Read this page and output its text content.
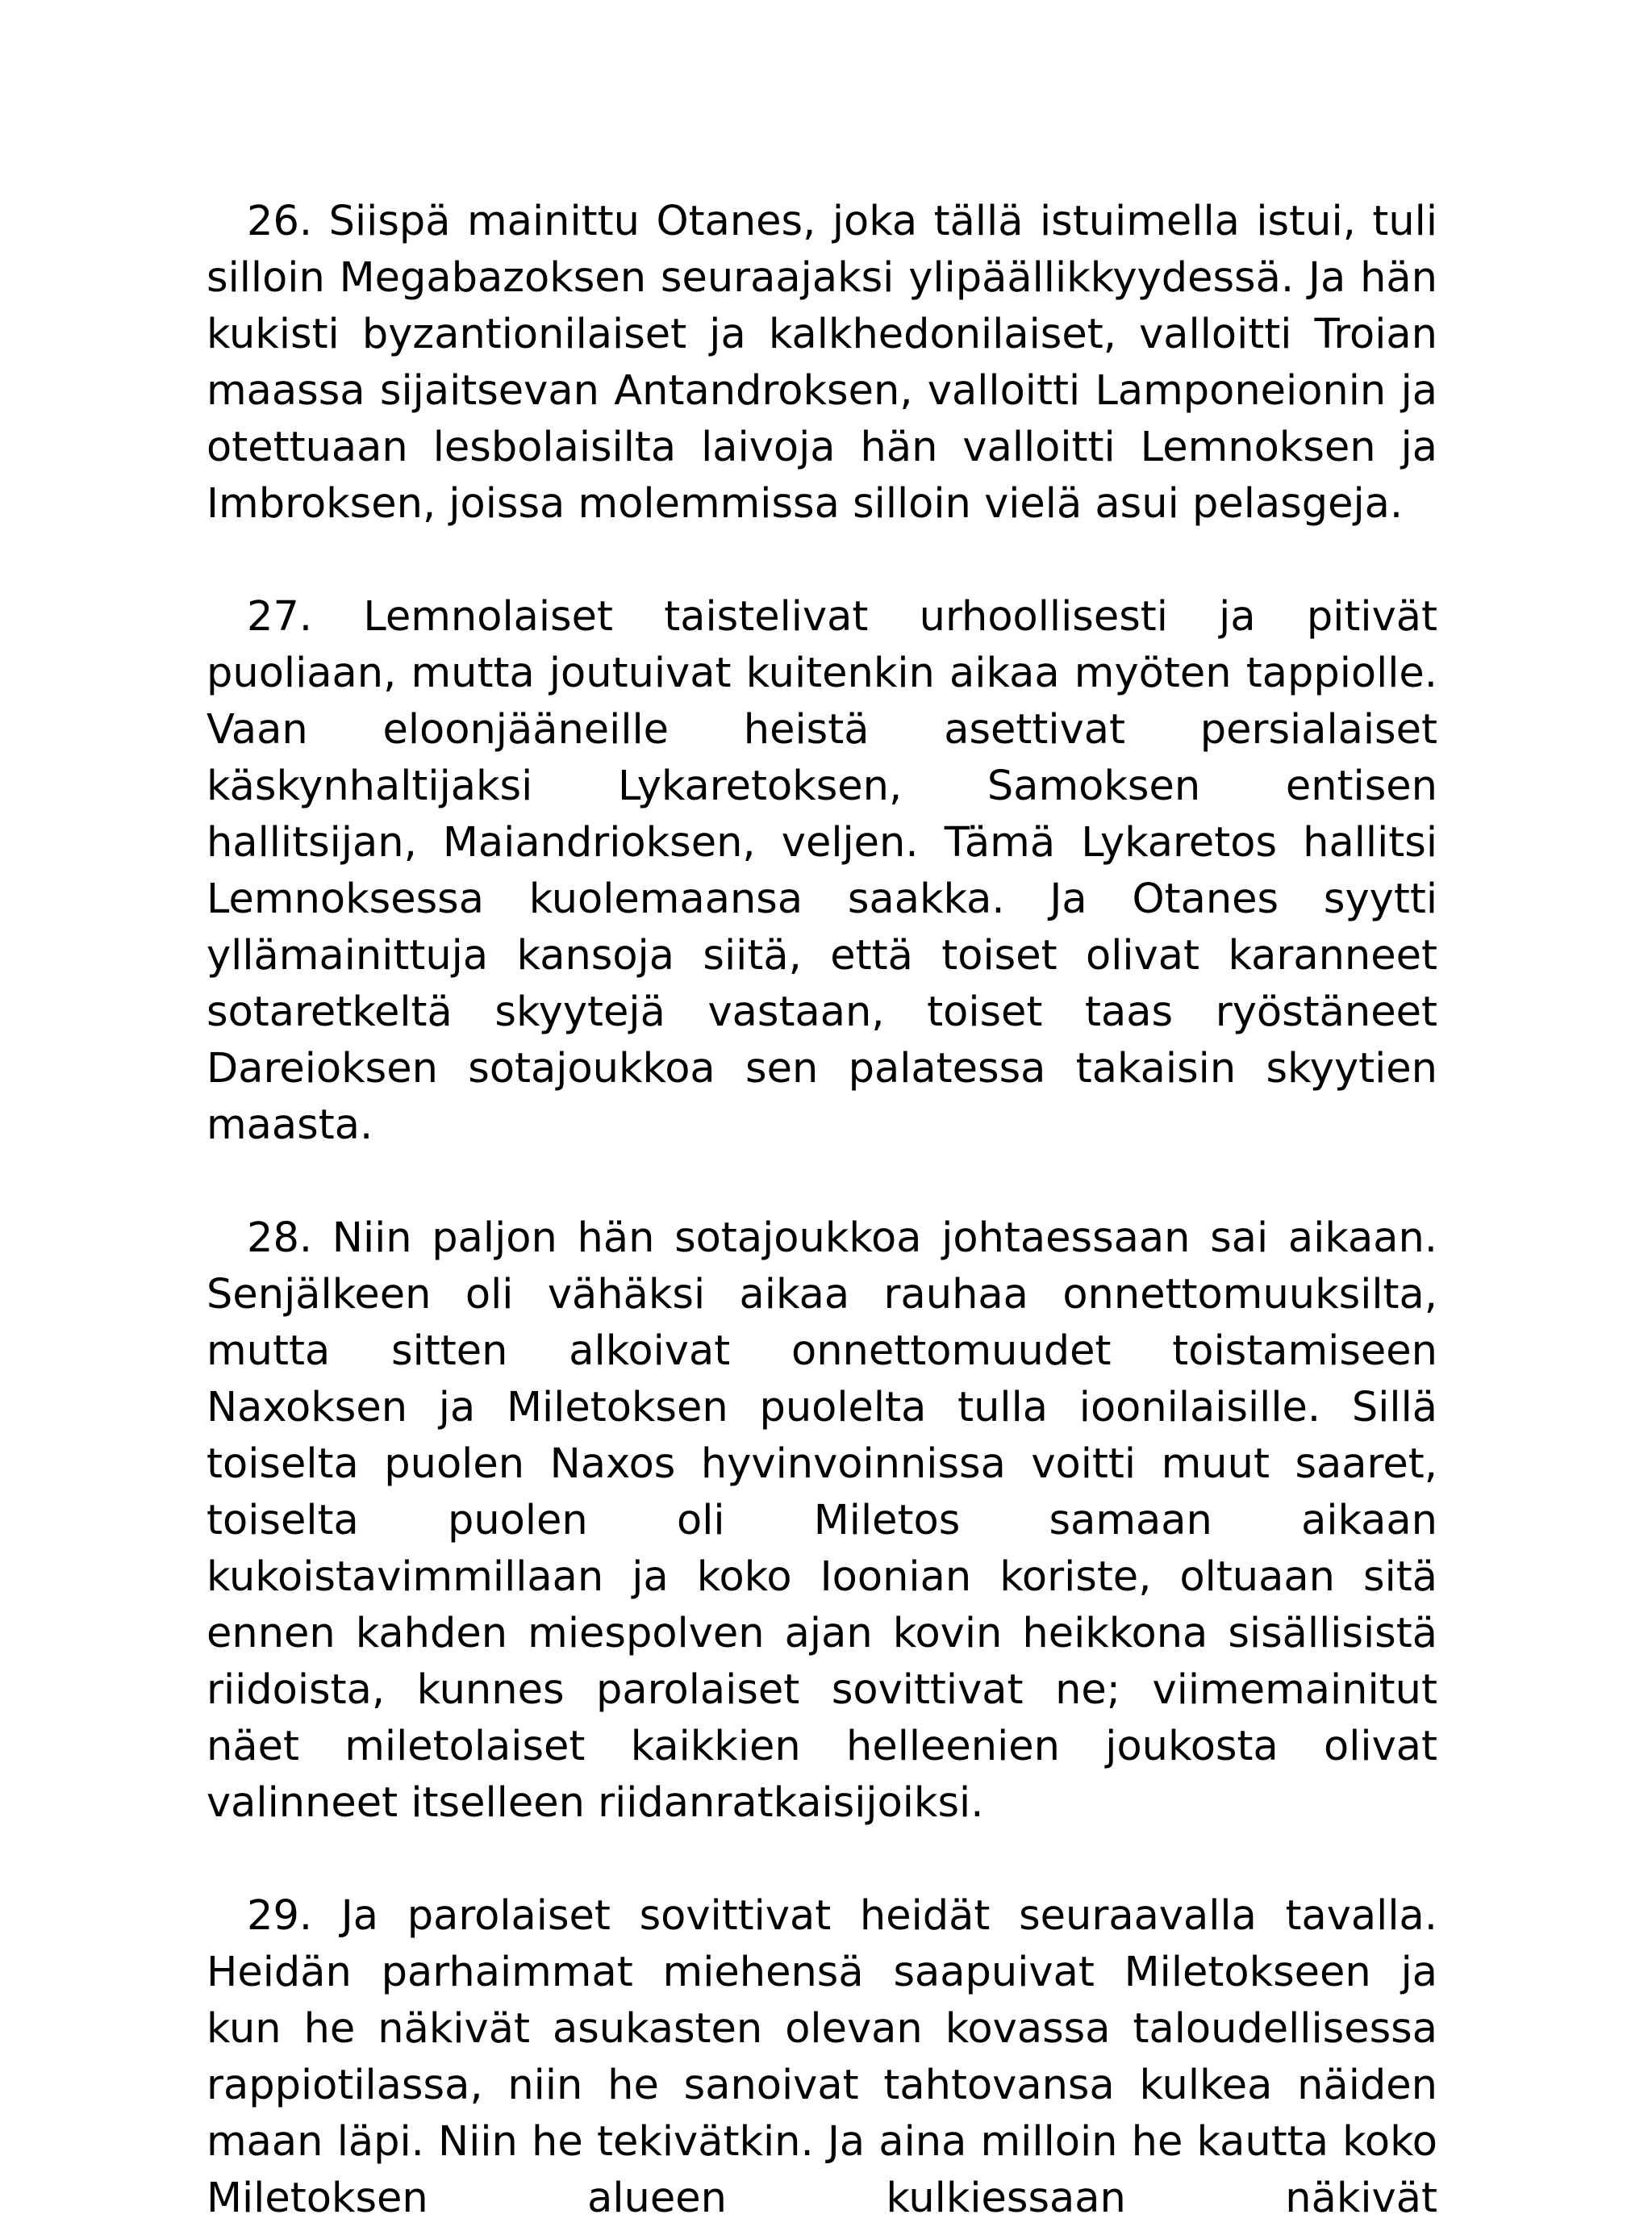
26. Siispä mainittu Otanes, joka tällä istuimella istui, tuli silloin Megabazoksen seuraajaksi ylipäällikkyydessä. Ja hän kukisti byzantionilaiset ja kalkhedonilaiset, valloitti Troian maassa sijaitsevan Antandroksen, valloitti Lamponeionin ja otettuaan lesbolaisilta laivoja hän valloitti Lemnoksen ja Imbroksen, joissa molemmissa silloin vielä asui pelasgeja.

27. Lemnolaiset taistelivat urhoollisesti ja pitivät puoliaan, mutta joutuivat kuitenkin aikaa myöten tappiolle. Vaan eloonjääneille heistä asettivat persialaiset käskynhaltijaksi Lykaretoksen, Samoksen entisen hallitsijan, Maiandrioksen, veljen. Tämä Lykaretos hallitsi Lemnoksessa kuolemaansa saakka. Ja Otanes syytti yllämainittuja kansoja siitä, että toiset olivat karanneet sotaretkeltä skyytejä vastaan, toiset taas ryöstäneet Dareioksen sotajoukkoa sen palatessa takaisin skyytien maasta.

28. Niin paljon hän sotajoukkoa johtaessaan sai aikaan. Senjälkeen oli vähäksi aikaa rauhaa onnettomuuksilta, mutta sitten alkoivat onnettomuudet toistamiseen Naxoksen ja Miletoksen puolelta tulla ioonilaisille. Sillä toiselta puolen Naxos hyvinvoinnissa voitti muut saaret, toiselta puolen oli Miletos samaan aikaan kukoistavimmillaan ja koko Ioonian koriste, oltuaan sitä ennen kahden miespolven ajan kovin heikkona sisällisistä riidoista, kunnes parolaiset sovittivat ne; viimemainitut näet miletolaiset kaikkien helleenien joukosta olivat valinneet itselleen riidanratkaisijoiksi.

29. Ja parolaiset sovittivat heidät seuraavalla tavalla. Heidän parhaimmat miehensä saapuivat Miletokseen ja kun he näkivät asukasten olevan kovassa taloudellisessa rappiotilassa, niin he sanoivat tahtovansa kulkea näiden maan läpi. Niin he tekivätkin. Ja aina milloin he kautta koko Miletoksen alueen kulkiessaan näkivät
